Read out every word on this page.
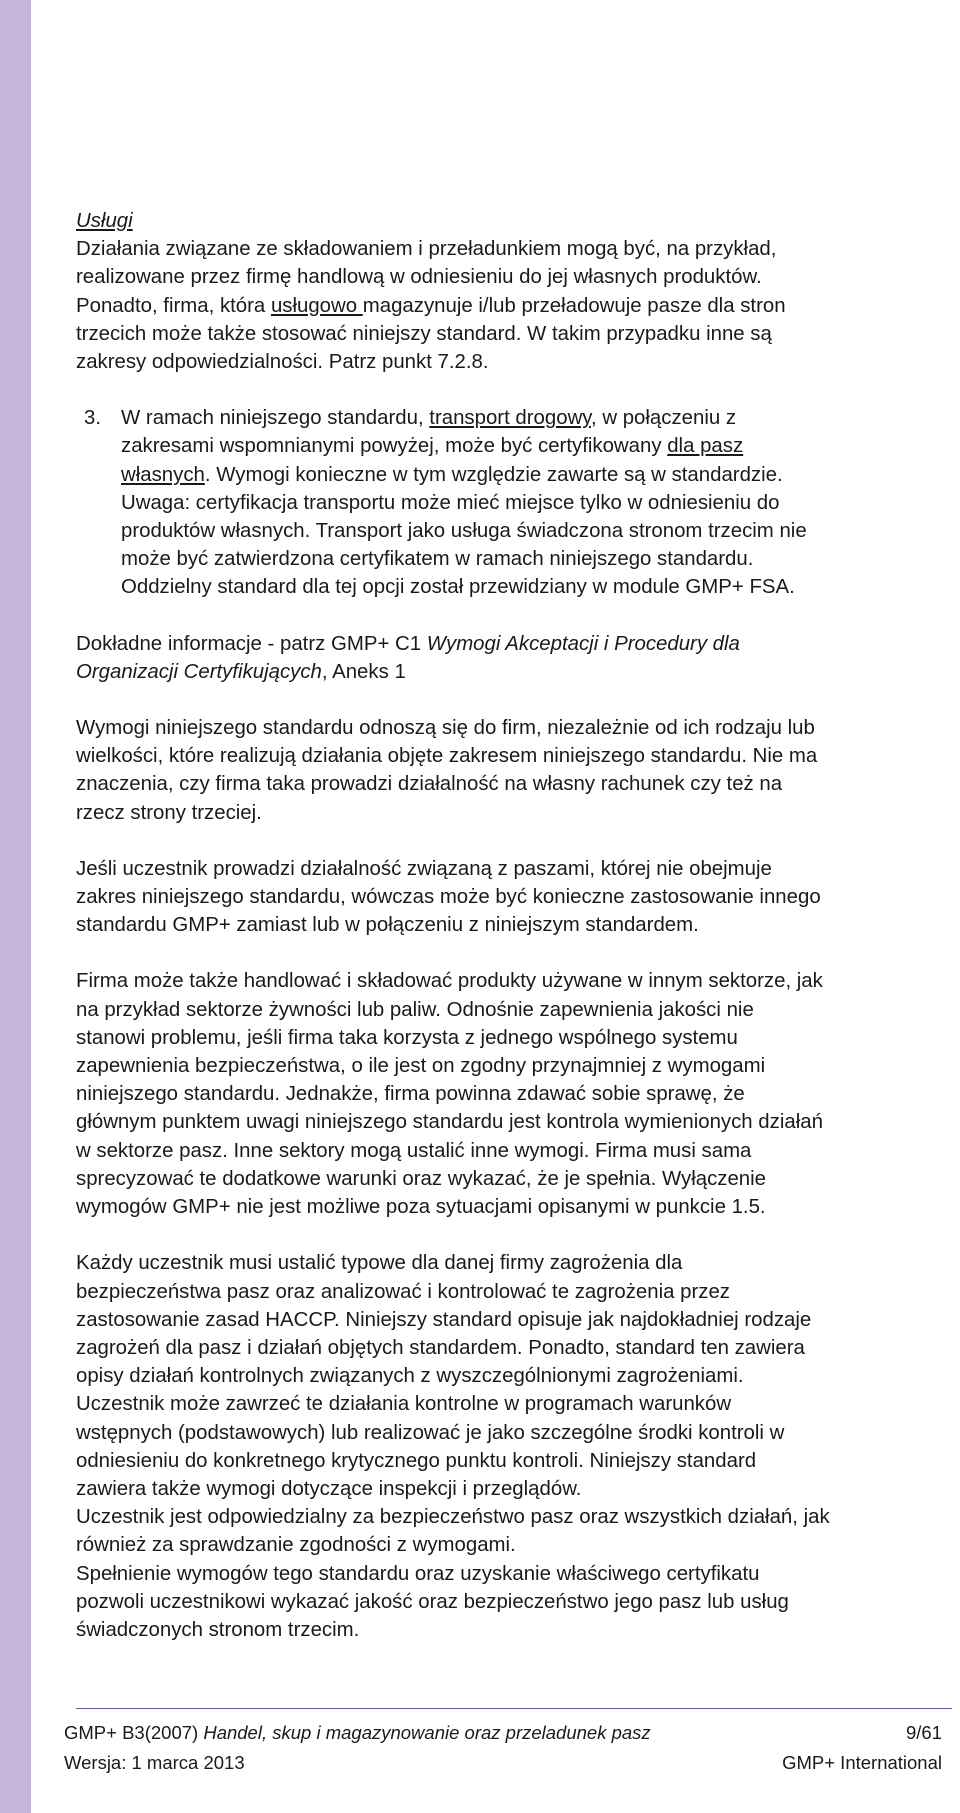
Usługi

Działania związane ze składowaniem i przeładunkiem mogą być, na przykład,
realizowane przez firmę handlową w odniesieniu do jej własnych produktów.
Ponadto, firma, która usługowo magazynuje i/lub przeładowuje pasze dla stron
trzecich może także stosować niniejszy standard. W takim przypadku inne są
zakresy odpowiedzialności. Patrz punkt 7.2.8.

3. W ramach niniejszego standardu, transport drogowy, w połączeniu z
zakresami wspomnianymi powyżej, może być certyfikowany dla pasz
własnych. Wymogi konieczne w tym względzie zawarte są w standardzie.
Uwaga: certyfikacja transportu może mieć miejsce tylko w odniesieniu do
produktów własnych. Transport jako usługa świadczona stronom trzecim nie
może być zatwierdzona certyfikatem w ramach niniejszego standardu.
Oddzielny standard dla tej opcji został przewidziany w module GMP+ FSA.

Dokładne informacje - patrz GMP+ C1 Wymogi Akceptacji i Procedury dla
Organizacji Certyfikujących, Aneks 1

Wymogi niniejszego standardu odnoszą się do firm, niezależnie od ich rodzaju lub
wielkości, które realizują działania objęte zakresem niniejszego standardu. Nie ma
znaczenia, czy firma taka prowadzi działalność na własny rachunek czy też na
rzecz strony trzeciej.

Jeśli uczestnik prowadzi działalność związaną z paszami, której nie obejmuje
zakres niniejszego standardu, wówczas może być konieczne zastosowanie innego
standardu GMP+ zamiast lub w połączeniu z niniejszym standardem.

Firma może także handlować i składować produkty używane w innym sektorze, jak
na przykład sektorze żywności lub paliw. Odnośnie zapewnienia jakości nie
stanowi problemu, jeśli firma taka korzysta z jednego wspólnego systemu
zapewnienia bezpieczeństwa, o ile jest on zgodny przynajmniej z wymogami
niniejszego standardu. Jednakże, firma powinna zdawać sobie sprawę, że
głównym punktem uwagi niniejszego standardu jest kontrola wymienionych działań
w sektorze pasz. Inne sektory mogą ustalić inne wymogi. Firma musi sama
sprecyzować te dodatkowe warunki oraz wykazać, że je spełnia. Wyłączenie
wymogów GMP+ nie jest możliwe poza sytuacjami opisanymi w punkcie 1.5.

Każdy uczestnik musi ustalić typowe dla danej firmy zagrożenia dla
bezpieczeństwa pasz oraz analizować i kontrolować te zagrożenia przez
zastosowanie zasad HACCP. Niniejszy standard opisuje jak najdokładniej rodzaje
zagrożeń dla pasz i działań objętych standardem. Ponadto, standard ten zawiera
opisy działań kontrolnych związanych z wyszczególnionymi zagrożeniami.
Uczestnik może zawrzeć te działania kontrolne w programach warunków
wstępnych (podstawowych) lub realizować je jako szczególne środki kontroli w
odniesieniu do konkretnego krytycznego punktu kontroli. Niniejszy standard
zawiera także wymogi dotyczące inspekcji i przeglądów.
Uczestnik jest odpowiedzialny za bezpieczeństwo pasz oraz wszystkich działań, jak
również za sprawdzanie zgodności z wymogami.
Spełnienie wymogów tego standardu oraz uzyskanie właściwego certyfikatu
pozwoli uczestnikowi wykazać jakość oraz bezpieczeństwo jego pasz lub usług
świadczonych stronom trzecim.

GMP+ B3(2007) Handel, skup i magazynowanie oraz przeladunek pasz	9/61
Wersja: 1 marca 2013	GMP+ International
